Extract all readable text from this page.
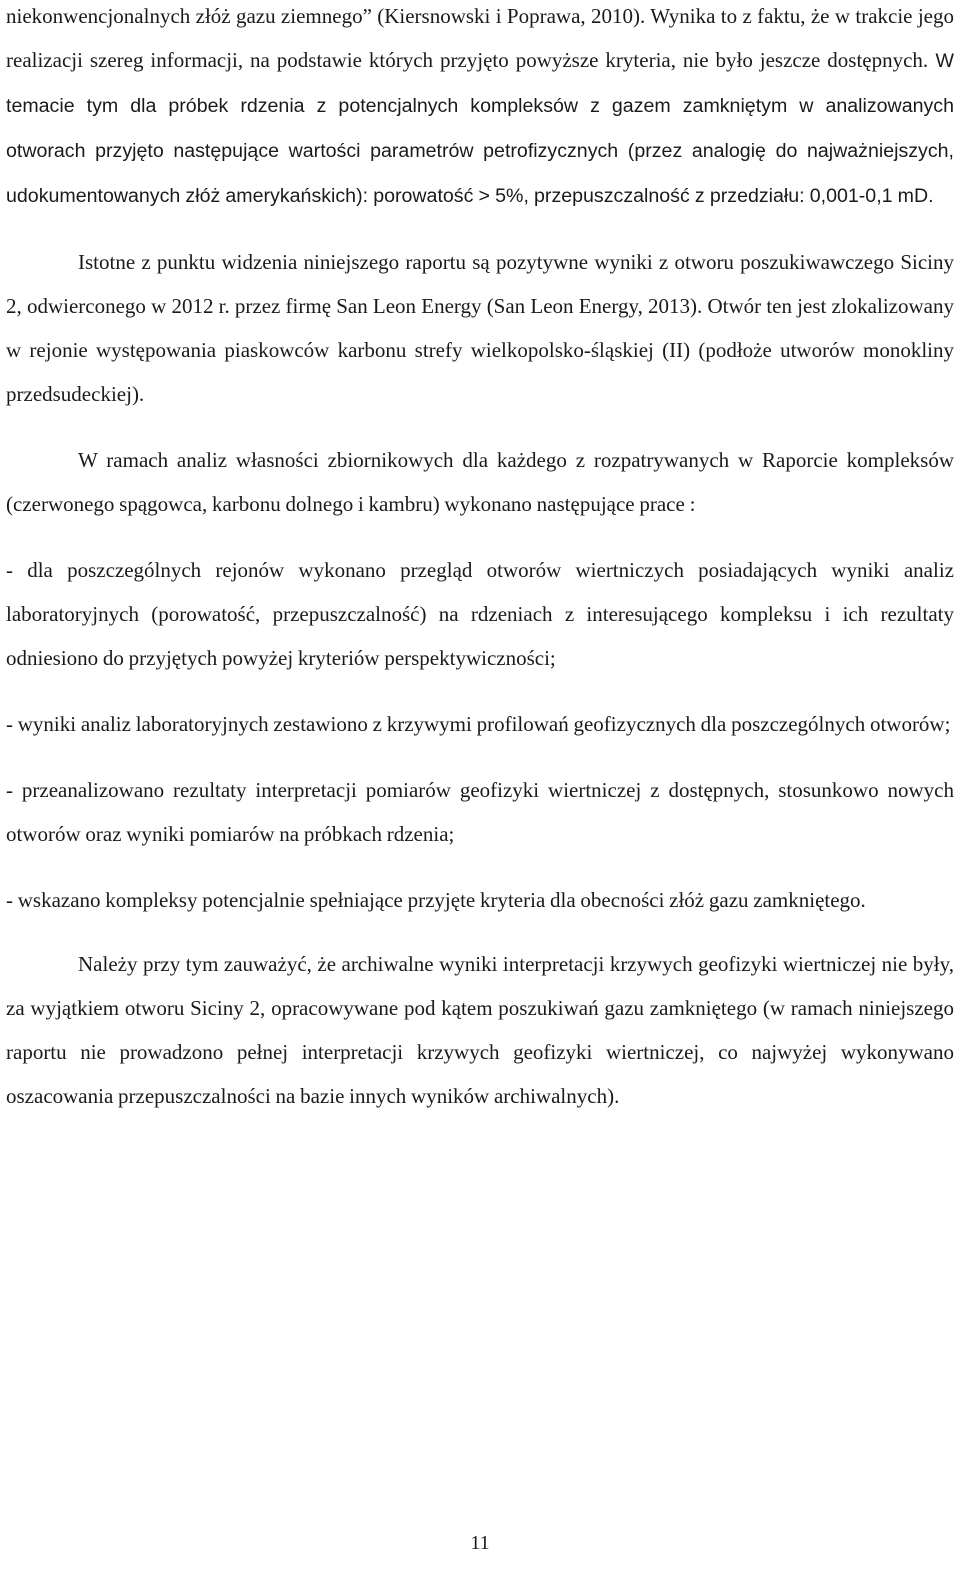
niekonwencjonalnych złóż gazu ziemnego” (Kiersnowski i Poprawa, 2010). Wynika to z faktu, że w trakcie jego realizacji szereg informacji, na podstawie których przyjęto powyższe kryteria, nie było jeszcze dostępnych. W temacie tym dla próbek rdzenia z potencjalnych kompleksów z gazem zamkniętym w analizowanych otworach przyjęto następujące wartości parametrów petrofizycznych (przez analogię do najważniejszych, udokumentowanych złóż amerykańskich): porowatość > 5%, przepuszczalność z przedziału: 0,001-0,1 mD.

Istotne z punktu widzenia niniejszego raportu są pozytywne wyniki z otworu poszukiwawczego Siciny 2, odwierconego w 2012 r. przez firmę San Leon Energy (San Leon Energy, 2013). Otwór ten jest zlokalizowany w rejonie występowania piaskowców karbonu strefy wielkopolsko-śląskiej (II) (podłoże utworów monokliny przedsudeckiej).

W ramach analiz własności zbiornikowych dla każdego z rozpatrywanych w Raporcie kompleksów (czerwonego spągowca, karbonu dolnego i kambru) wykonano następujące prace :

- dla poszczególnych rejonów wykonano przegląd otworów wiertniczych posiadających wyniki analiz laboratoryjnych (porowatość, przepuszczalność) na rdzeniach z interesującego kompleksu i ich rezultaty odniesiono do przyjętych powyżej kryteriów perspektywiczności;

- wyniki analiz laboratoryjnych zestawiono z krzywymi profilowań geofizycznych dla poszczególnych otworów;

- przeanalizowano rezultaty interpretacji pomiarów geofizyki wiertniczej z dostępnych, stosunkowo nowych otworów oraz wyniki pomiarów na próbkach rdzenia;

- wskazano kompleksy potencjalnie spełniające przyjęte kryteria dla obecności złóż gazu zamkniętego.

Należy przy tym zauważyć, że archiwalne wyniki interpretacji krzywych geofizyki wiertniczej nie były, za wyjątkiem otworu Siciny 2, opracowywane pod kątem poszukiwań gazu zamkniętego (w ramach niniejszego raportu nie prowadzono pełnej interpretacji krzywych geofizyki wiertniczej, co najwyżej wykonywano oszacowania przepuszczalności na bazie innych wyników archiwalnych).

11
